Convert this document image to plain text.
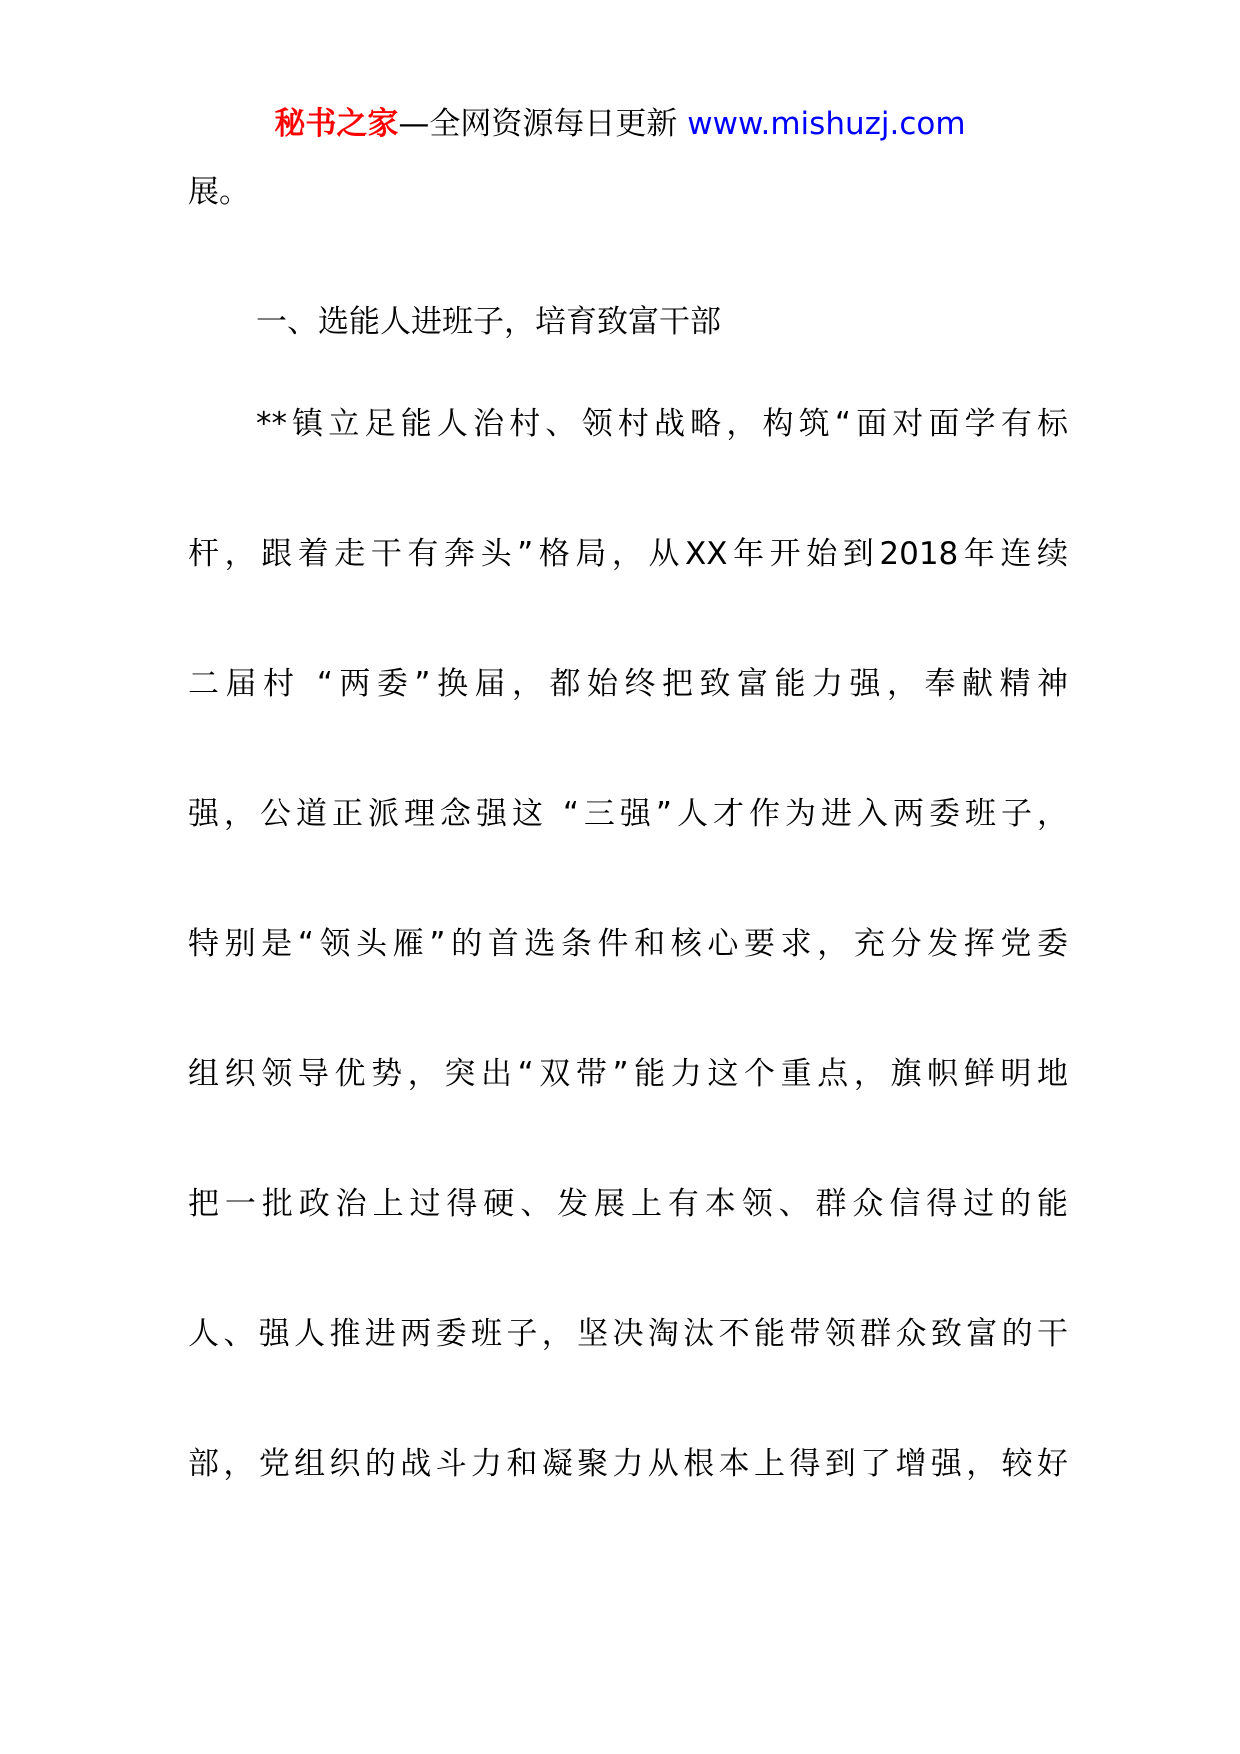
秘书之家—全网资源每日更新 www.mishuzj.com
展。
一、选能人进班子，培育致富干部
**镇立足能人治村、领村战略，构筑“面对面学有标
杆，跟着走干有奔头”格局，从XX年开始到2018年连续
二届村 “两委”换届，都始终把致富能力强，奉献精神
强，公道正派理念强这 “三强”人才作为进入两委班子，
特别是“领头雁”的首选条件和核心要求，充分发挥党委
组织领导优势，突出“双带”能力这个重点，旗帜鲜明地
把一批政治上过得硬、发展上有本领、群众信得过的能
人、强人推进两委班子，坚决淘汰不能带领群众致富的干
部，党组织的战斗力和凝聚力从根本上得到了增强，较好
